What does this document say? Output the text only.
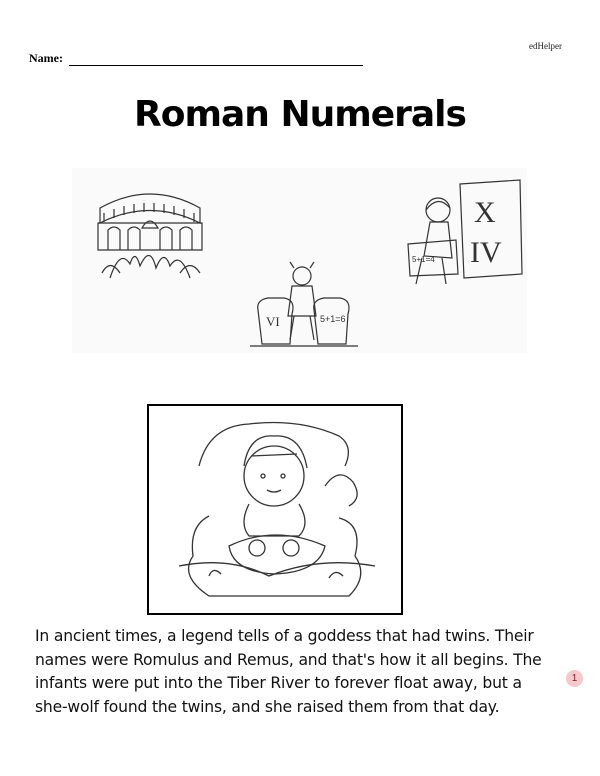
edHelper
Name:
Roman Numerals
X
IV
5+1=4
VI	5+1=6

In ancient times, a legend tells of a goddess that had twins. Their

names were Romulus and Remus, and that's how it all begins. The

infants were put into the Tiber River to forever float away, but a

she-wolf found the twins, and she raised them from that day.

1
